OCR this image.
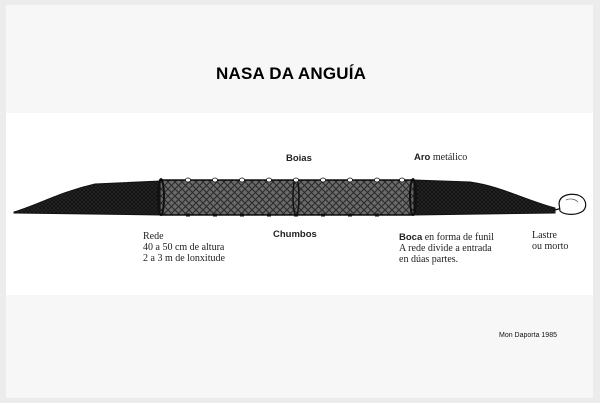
NASA DA ANGUÍA
Boias	Aro metálico
Rede
40 a 50 cm de altura
2 a 3 m de lonxitude
Chumbos	Boca en forma de funil
A rede divide a entrada
en dúas partes.
Lastre
ou morto
Mon Daporta 1985
